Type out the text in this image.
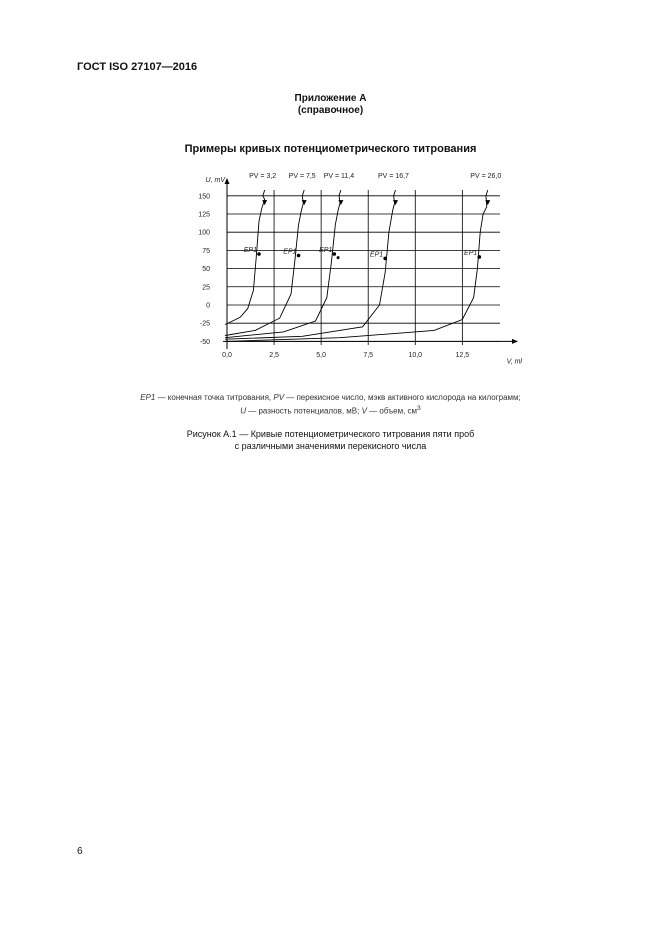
ГОСТ ISO 27107—2016
Приложение А
(справочное)
Примеры кривых потенциометрического титрования
150
125
100
75
50
25
0
-25
-50
0,0	2,5	5,0	7,5	10,0	12,5
U, mV
V, ml
PV = 3,2
EP1
PV = 7,5
EP1
PV = 11,4
EP1
PV = 16,7
EP1
PV = 26,0
EP1
EP1 — конечная точка титрования, PV — перекисное число, мэкв активного кислорода на килограмм;
U — разность потенциалов, мВ; V — объем, $см^3$
Рисунок А.1 — Кривые потенциометрического титрования пяти проб
с различными значениями перекисного числа
6
